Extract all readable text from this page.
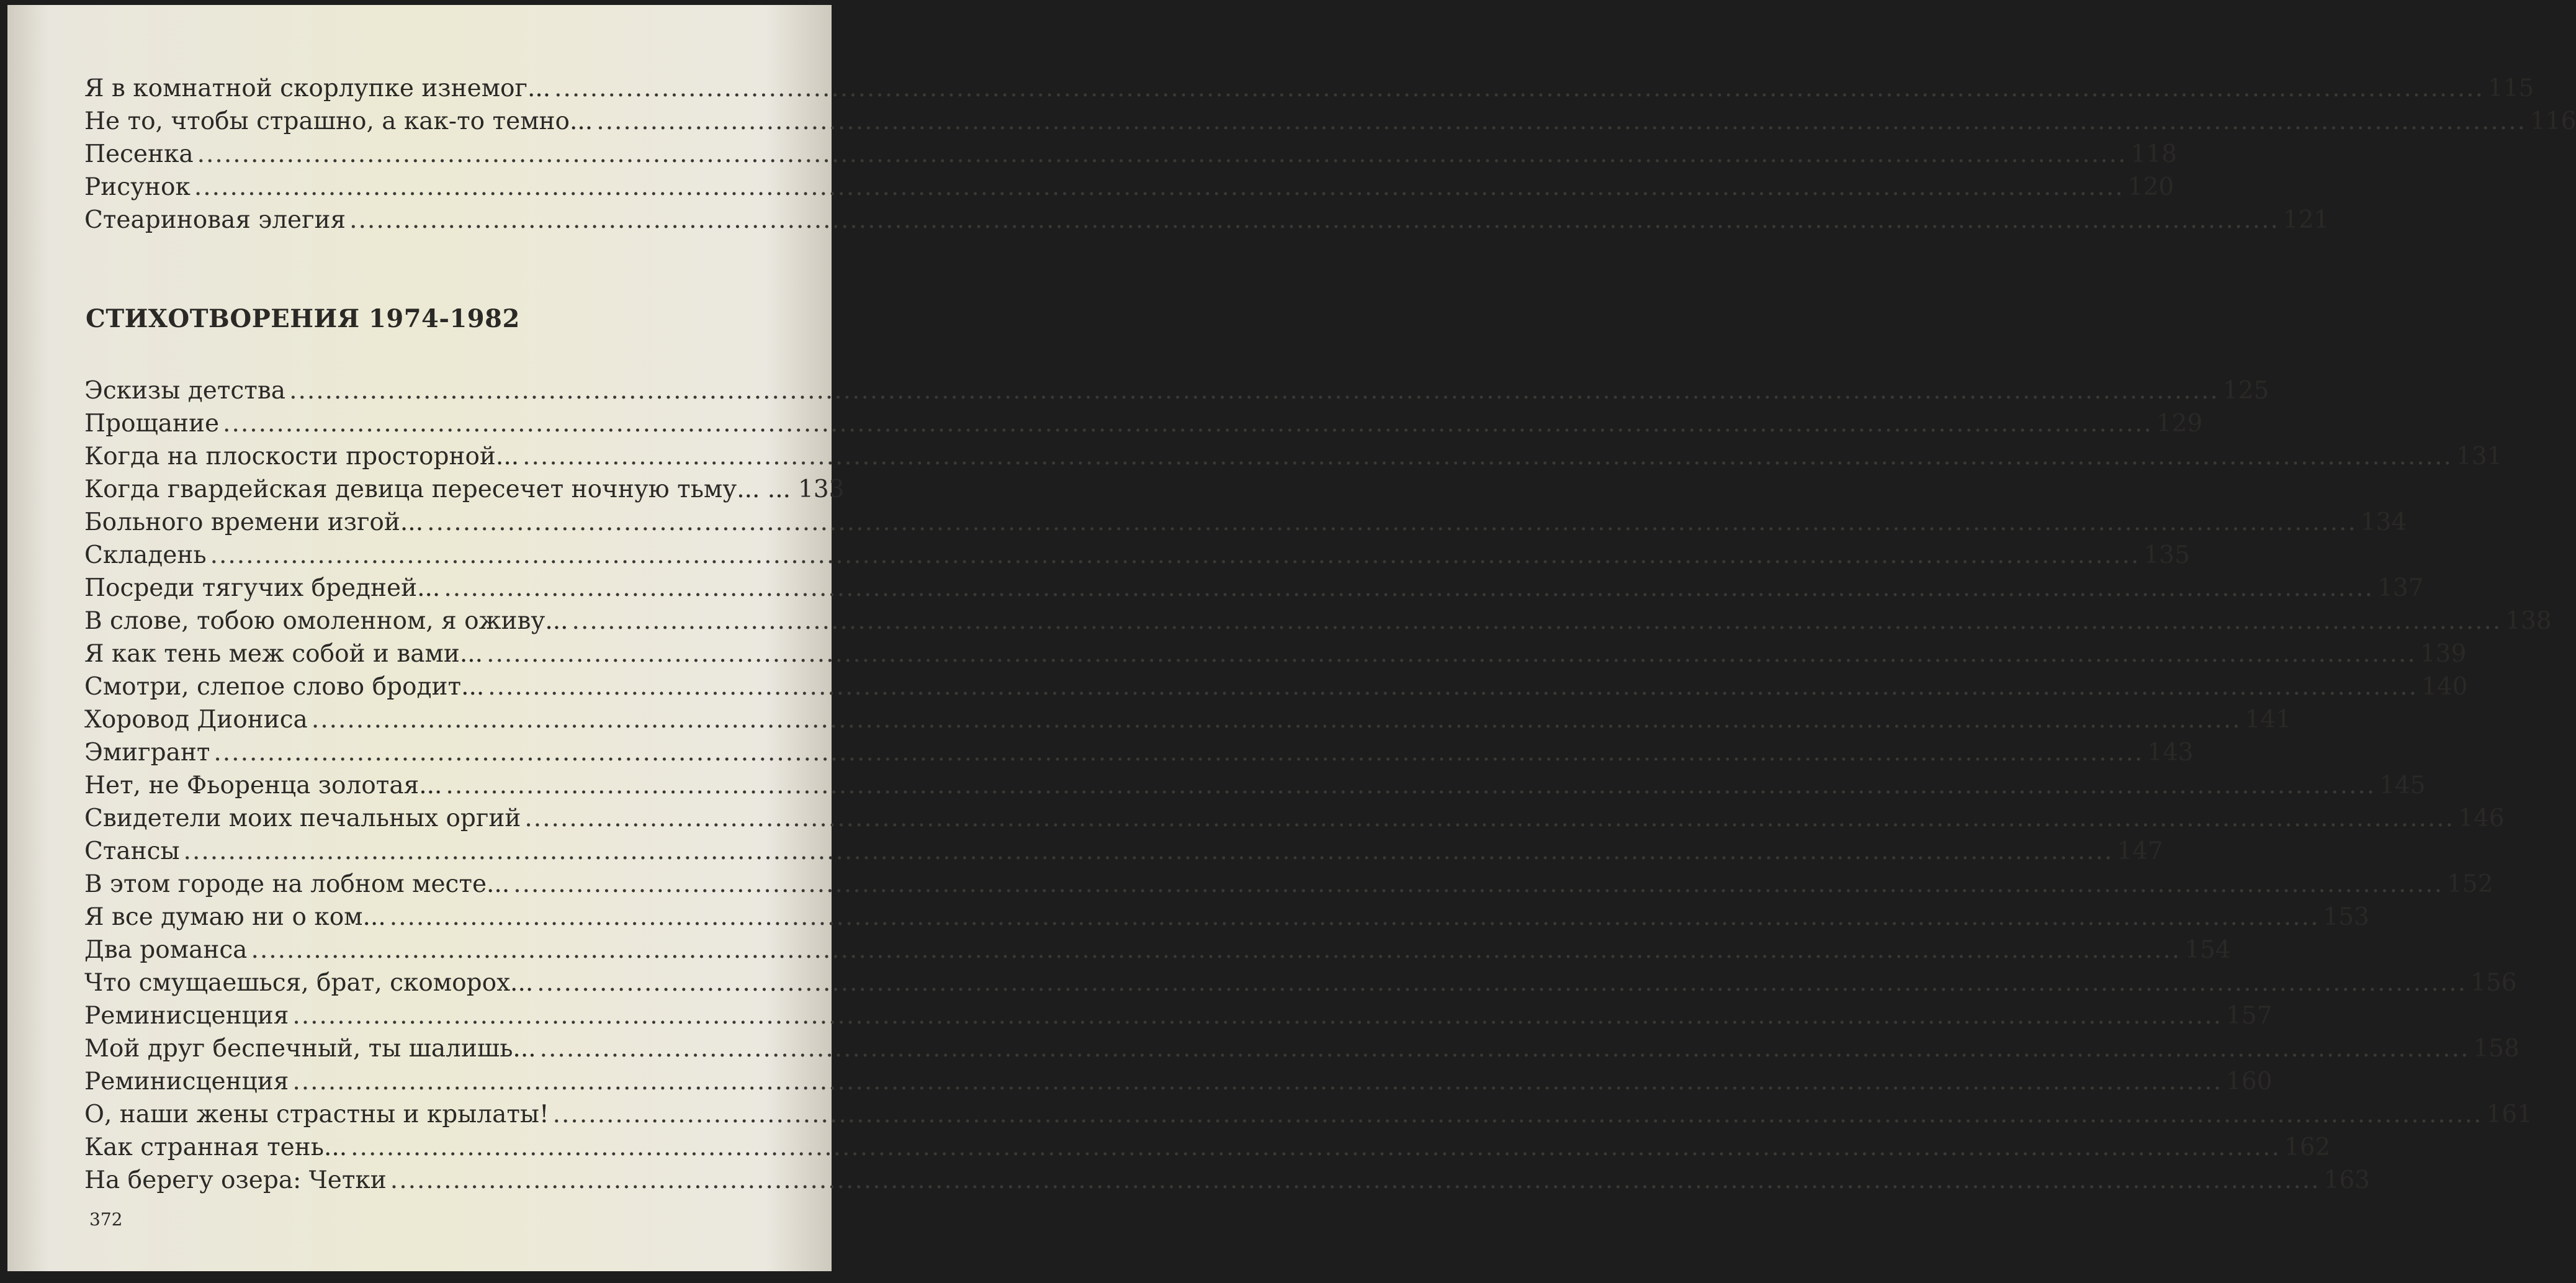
Я в комнатной скорлупке изнемог... .....	115
Не то, чтобы страшно, а как-то темно... .....	116
Песенка .....	118
Рисунок .....	120
Стеариновая элегия .....	121
СТИХОТВОРЕНИЯ 1974-1982
Эскизы детства .....	125
Прощание .....	129
Когда на плоскости просторной... .....	131
Когда гвардейская девица пересечет ночную тьму... ... 133
Больного времени изгой... .....	134
Складень .....	135
Посреди тягучих бредней... .....	137
В слове, тобою омоленном, я оживу... .....	138
Я как тень меж собой и вами... .....	139
Смотри, слепое слово бродит... .....	140
Хоровод Диониса .....	141
Эмигрант .....	143
Нет, не Фьоренца золотая... .....	145
Свидетели моих печальных оргий .....	146
Стансы .....	147
В этом городе на лобном месте... .....	152
Я все думаю ни о ком... .....	153
Два романса .....	154
Что смущаешься, брат, скоморох... .....	156
Реминисценция .....	157
Мой друг беспечный, ты шалишь... .....	158
Реминисценция .....	160
О, наши жены страстны и крылаты! .....	161
Как странная тень... .....	162
На берегу озера: Четки .....	163
372
